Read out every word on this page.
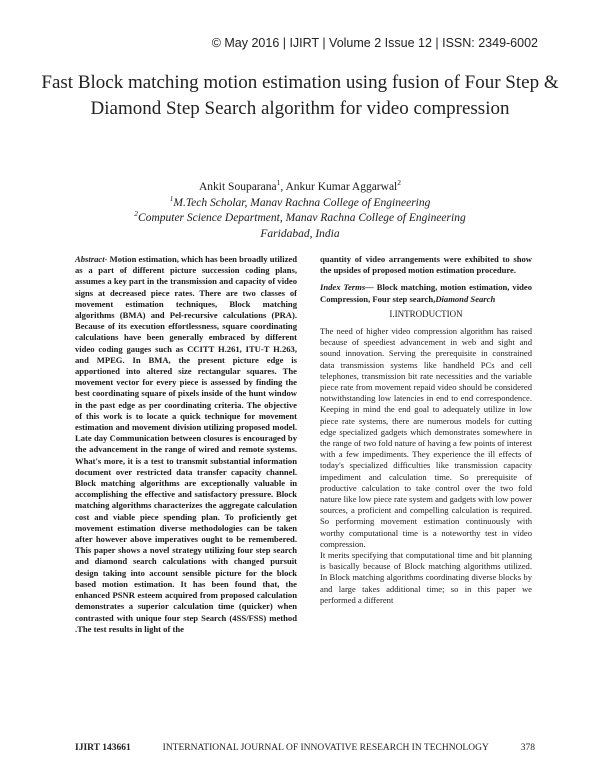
© May 2016 | IJIRT | Volume 2 Issue 12 | ISSN: 2349-6002
Fast Block matching motion estimation using fusion of Four Step & Diamond Step Search algorithm for video compression
Ankit Souparana$^1$, Ankur Kumar Aggarwal$^2$
$^1$M.Tech Scholar, Manav Rachna College of Engineering
$^2$Computer Science Department, Manav Rachna College of Engineering
Faridabad, India
Abstract- Motion estimation, which has been broadly utilized as a part of different picture succession coding plans, assumes a key part in the transmission and capacity of video signs at decreased piece rates. There are two classes of movement estimation techniques, Block matching algorithms (BMA) and Pel-recursive calculations (PRA). Because of its execution effortlessness, square coordinating calculations have been generally embraced by different video coding gauges such as CCITT H.261, ITU-T H.263, and MPEG. In BMA, the present picture edge is apportioned into altered size rectangular squares. The movement vector for every piece is assessed by finding the best coordinating square of pixels inside of the hunt window in the past edge as per coordinating criteria. The objective of this work is to locate a quick technique for movement estimation and movement division utilizing proposed model. Late day Communication between closures is encouraged by the advancement in the range of wired and remote systems. What's more, it is a test to transmit substantial information document over restricted data transfer capacity channel. Block matching algorithms are exceptionally valuable in accomplishing the effective and satisfactory pressure. Block matching algorithms characterizes the aggregate calculation cost and viable piece spending plan. To proficiently get movement estimation diverse methodologies can be taken after however above imperatives ought to be remembered. This paper shows a novel strategy utilizing four step search and diamond search calculations with changed pursuit design taking into account sensible picture for the block based motion estimation. It has been found that, the enhanced PSNR esteem acquired from proposed calculation demonstrates a superior calculation time (quicker) when contrasted with unique four step Search (4SS/FSS) method .The test results in light of the
quantity of video arrangements were exhibited to show the upsides of proposed motion estimation procedure.
Index Terms— Block matching, motion estimation, video Compression, Four step search,Diamond Search
I.INTRODUCTION

The need of higher video compression algorithm has raised because of speediest advancement in web and sight and sound innovation. Serving the prerequisite in constrained data transmission systems like handheld PCs and cell telephones, transmission bit rate necessities and the variable piece rate from movement repaid video should be considered notwithstanding low latencies in end to end correspondence. Keeping in mind the end goal to adequately utilize in low piece rate systems, there are numerous models for cutting edge specialized gadgets which demonstrates somewhere in the range of two fold nature of having a few points of interest with a few impediments. They experience the ill effects of today's specialized difficulties like transmission capacity impediment and calculation time. So prerequisite of productive calculation to take control over the two fold nature like low piece rate system and gadgets with low power sources, a proficient and compelling calculation is required. So performing movement estimation continuously with worthy computational time is a noteworthy test in video compression.

It merits specifying that computational time and bit planning is basically because of Block matching algorithms utilized. In Block matching algorithms coordinating diverse blocks by and large takes additional time; so in this paper we performed a different

IJIRT 143661	INTERNATIONAL JOURNAL OF INNOVATIVE RESEARCH IN TECHNOLOGY	378
